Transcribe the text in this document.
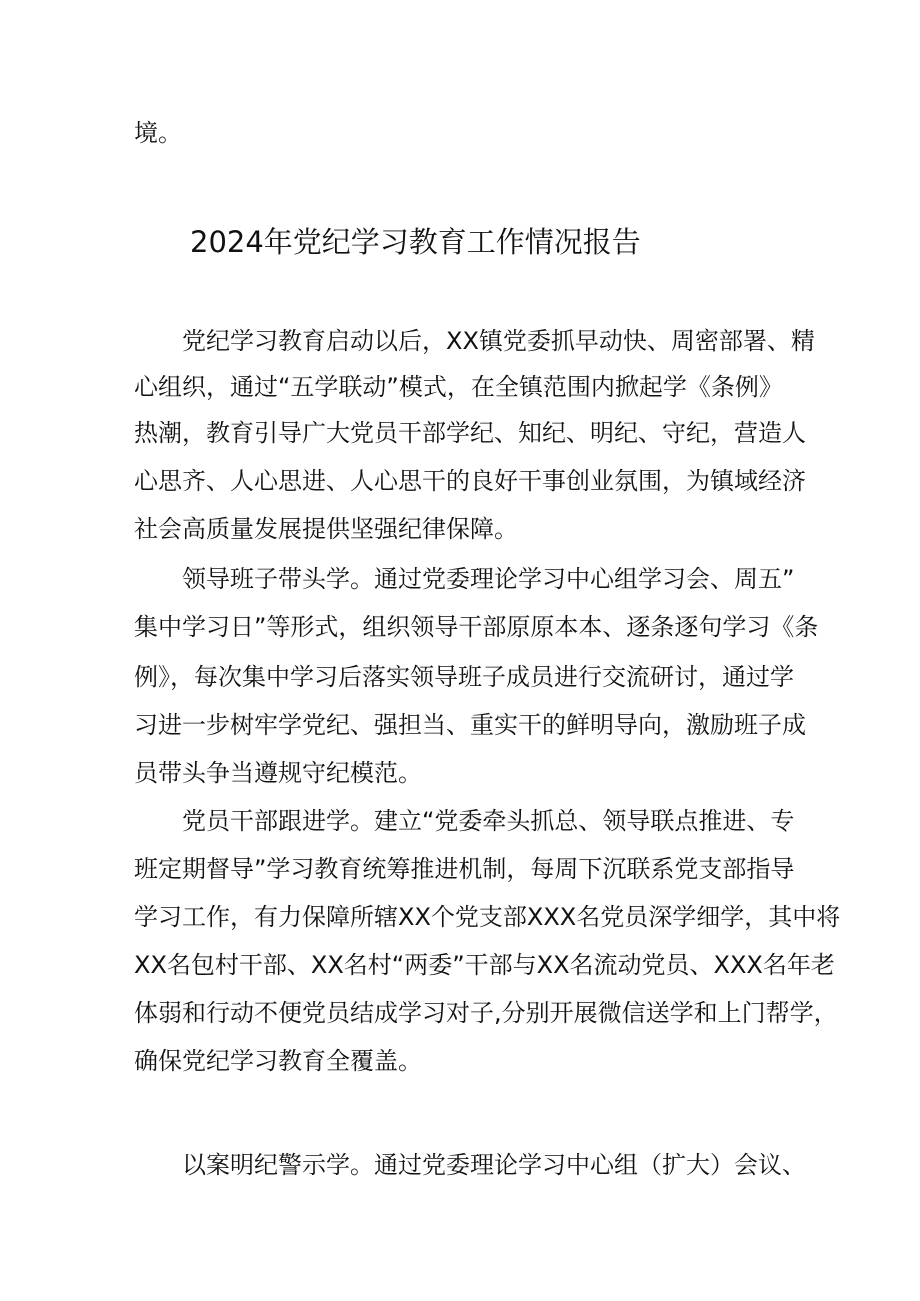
境。
2024年党纪学习教育工作情况报告
党纪学习教育启动以后，XX镇党委抓早动快、周密部署、精
心组织，通过“五学联动”模式，在全镇范围内掀起学《条例》
热潮，教育引导广大党员干部学纪、知纪、明纪、守纪，营造人
心思齐、人心思进、人心思干的良好干事创业氛围，为镇域经济
社会高质量发展提供坚强纪律保障。
领导班子带头学。通过党委理论学习中心组学习会、周五”
集中学习日”等形式，组织领导干部原原本本、逐条逐句学习《条
例》，每次集中学习后落实领导班子成员进行交流研讨，通过学
习进一步树牢学党纪、强担当、重实干的鲜明导向，激励班子成
员带头争当遵规守纪模范。
党员干部跟进学。建立“党委牵头抓总、领导联点推进、专
班定期督导”学习教育统筹推进机制，每周下沉联系党支部指导
学习工作，有力保障所辖XX个党支部XXX名党员深学细学，其中将
XX名包村干部、XX名村“两委”干部与XX名流动党员、XXX名年老
体弱和行动不便党员结成学习对子,分别开展微信送学和上门帮学，
确保党纪学习教育全覆盖。
以案明纪警示学。通过党委理论学习中心组（扩大）会议、
